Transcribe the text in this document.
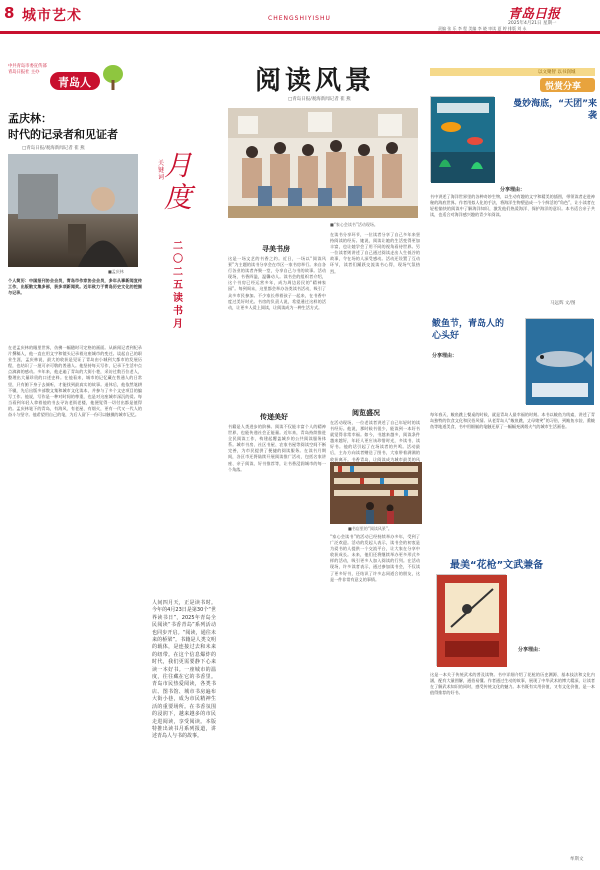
8 城市艺术	CHENGSHIYISHU	青岛日报
2025年4月21日 星期一
责编 张 乐 李 程 美编 李 晓 审读 夏 婷 排版 刘 永
中共青岛市委宣传部 青岛日报社 主办
青岛人
孟庆林：
时代的记录者和见证者
□青岛日报/观海新闻记者 崔 燕
■孟庆林
个人简历：中国报刊协会会员，青岛市作家协会会员，多年从事新闻宣传工作，出版散文集多部，获多项新闻奖。近年致力于青岛历史文化的挖掘与记录。
在老孟庆林的眼里世界，仿佛一幅随时可定格的画面。从新闻记者到纪录片撰稿人，他一直在用文字和镜头记录着这座城市的变迁。谈起自己的职业生涯，孟庆林说，最大的收获是见证了青岛由小城到大都市的发展历程，也结识了一批可亲可敬的普通人。他坚持每天写作，记录下生活中点点滴滴的感动。多年来，他走遍了青岛的大街小巷，采访过数百位老人，整理出大量珍贵的口述史料。在他看来，城市的记忆藏在普通人的日常里，只有俯下身子去倾听，才能找到最真实的故事。退休后，他依然笔耕不辍，先后出版多部散文集和城市文化读本，并参与了多个文史项目的编写工作。他说，写作是一种对时间的尊重，也是对这座城市深沉的爱。每当看到年轻人拿着他的书去寻访老街老楼，他便觉得一切付出都是值得的。孟庆林笔下的青岛，有海风、有老屋、有烟火，更有一代又一代人的奋斗与坚守。他希望用自己的笔，为后人留下一份可以触摸的城市记忆。
关键词 月度
二〇二五读书月
人间四月天，正是读书时。今年的4月23日是第30个“世界读书日”，2025年青岛全民阅读“书香青岛”系列活动也同步开启。“阅读，通往未来的桥梁”。书籍是人类文明的载体，是连接过去和未来的纽带。在这个信息爆炸的时代，我们更需要静下心来读一本好书。一座城市的温度，往往藏在它的书香里。青岛市民热爱阅读，各类书店、图书馆、城市书房遍布大街小巷，成为市民精神生活的重要场所。在书香氛围的浸润下，越来越多的市民走进阅读，享受阅读。本版特推出读书月系列报道，讲述青岛人与书的故事。
阅读风景
□青岛日报/观海新闻记者 崔 燕
■“家心会读书”活动现场。
寻美书房
这是一场文艺的书香之约。近日，一场以“阅读风景”为主题的读书分享会在市区一家书房举行。来自各行各业的读者齐聚一堂，分享自己与书的故事。活动现场，书香四溢，温馨动人。读书会的组织者介绍，这个书房已经运营多年，成为周边居民的“精神家园”。每到周末，这里都会举办各类读书活动，吸引了众多市民参加。不少家长带着孩子一起来，在书香中度过美好时光。书房的负责人说，希望通过这样的活动，让更多人爱上阅读，让阅读成为一种生活方式。
在读书分享环节，一位读者分享了自己多年来坚持阅读的经历。她说，阅读让她的生活变得更加丰富，也让她学会了用不同的视角看待世界。另一位读者则讲述了自己通过阅读走出人生低谷的故事，令在场的人深受感动。活动还设置了互动环节，读者们踊跃交流读书心得，现场气氛热烈。
传递美好
书籍是人类进步的阶梯。阅读不仅能丰富个人的精神世界，也能传递社会正能量。近年来，青岛持续推进全民阅读工作，构建起覆盖城乡的公共阅读服务体系。城市书房、社区书屋、农家书屋等阅读空间不断完善，为市民提供了便捷的阅读服务。在读书月期间，各区市还将陆续开展阅读推广活动，包括名家讲座、亲子阅读、好书推荐等，让书香浸润城市的每一个角落。
阅览盛况
在活动现场，一位老读者讲述了自己年轻时的读书经历。他说，那时候书很少，能读到一本好书就觉得非常幸福。如今，书越来越多，阅读条件越来越好，年轻人更应该珍惜时光，多读书、读好书。他的话引起了在场读者的共鸣。活动最后，主办方向读者赠送了图书，大家带着满满的收获离开。书香青岛，让阅读成为城市最美的风
■书店里的“阅读风景”。
“家心会读书”的活动已经持续举办多年，受到了广泛欢迎。活动的发起人表示，读书会的初衷是为爱书的人提供一个交流平台，让大家在分享中收获成长。未来，他们还将继续举办更多形式多样的活动，吸引更多人加入阅读的行列。在活动现场，许多读者表示，通过参加读书会，不仅读了更多好书，还结识了许多志同道合的朋友，这是一件非常有意义的事情。
以文聚智 以书润城
悦赏分享
曼妙海底，“天团”来袭
分享理由：
书中讲述了海洋世界里的各种奇妙生物，以生动有趣的文字和精美的插图，带领读者走进神秘的海底世界。作者用拟人化的手法，将海洋生物塑造成一个个鲜活的“角色”，让小读者在轻松愉快的阅读中了解海洋知识，激发他们热爱海洋、保护海洋的意识。本书适合亲子共读，也适合对海洋感兴趣的青少年阅读。
马远辉 文/图
鲅鱼节，青岛人的心头好
分享理由：
每年春天，鲅鱼跳上餐桌的时候，就是青岛人最幸福的时刻。本书以鲅鱼为线索，讲述了青岛独特的饮食文化和民俗风情。从老青岛人“鲅鱼跳，丈母娘笑”的习俗，到鲅鱼水饺、熏鲅鱼等地道美食，书中用细腻的笔触还原了一幅幅充满烟火气的城市生活画卷。
最美“花枪”文武兼备
分享理由：
这是一本关于传统武术的普及读物。书中详细介绍了花枪的历史渊源、基本技法和文化内涵，配有大量图解，通俗易懂。作者通过生动的故事，展现了中华武术的博大精深，让读者在了解武术知识的同时，感受传统文化的魅力。本书既有实用价值，又有文化价值，是一本值得推荐的好书。
牟斯文
